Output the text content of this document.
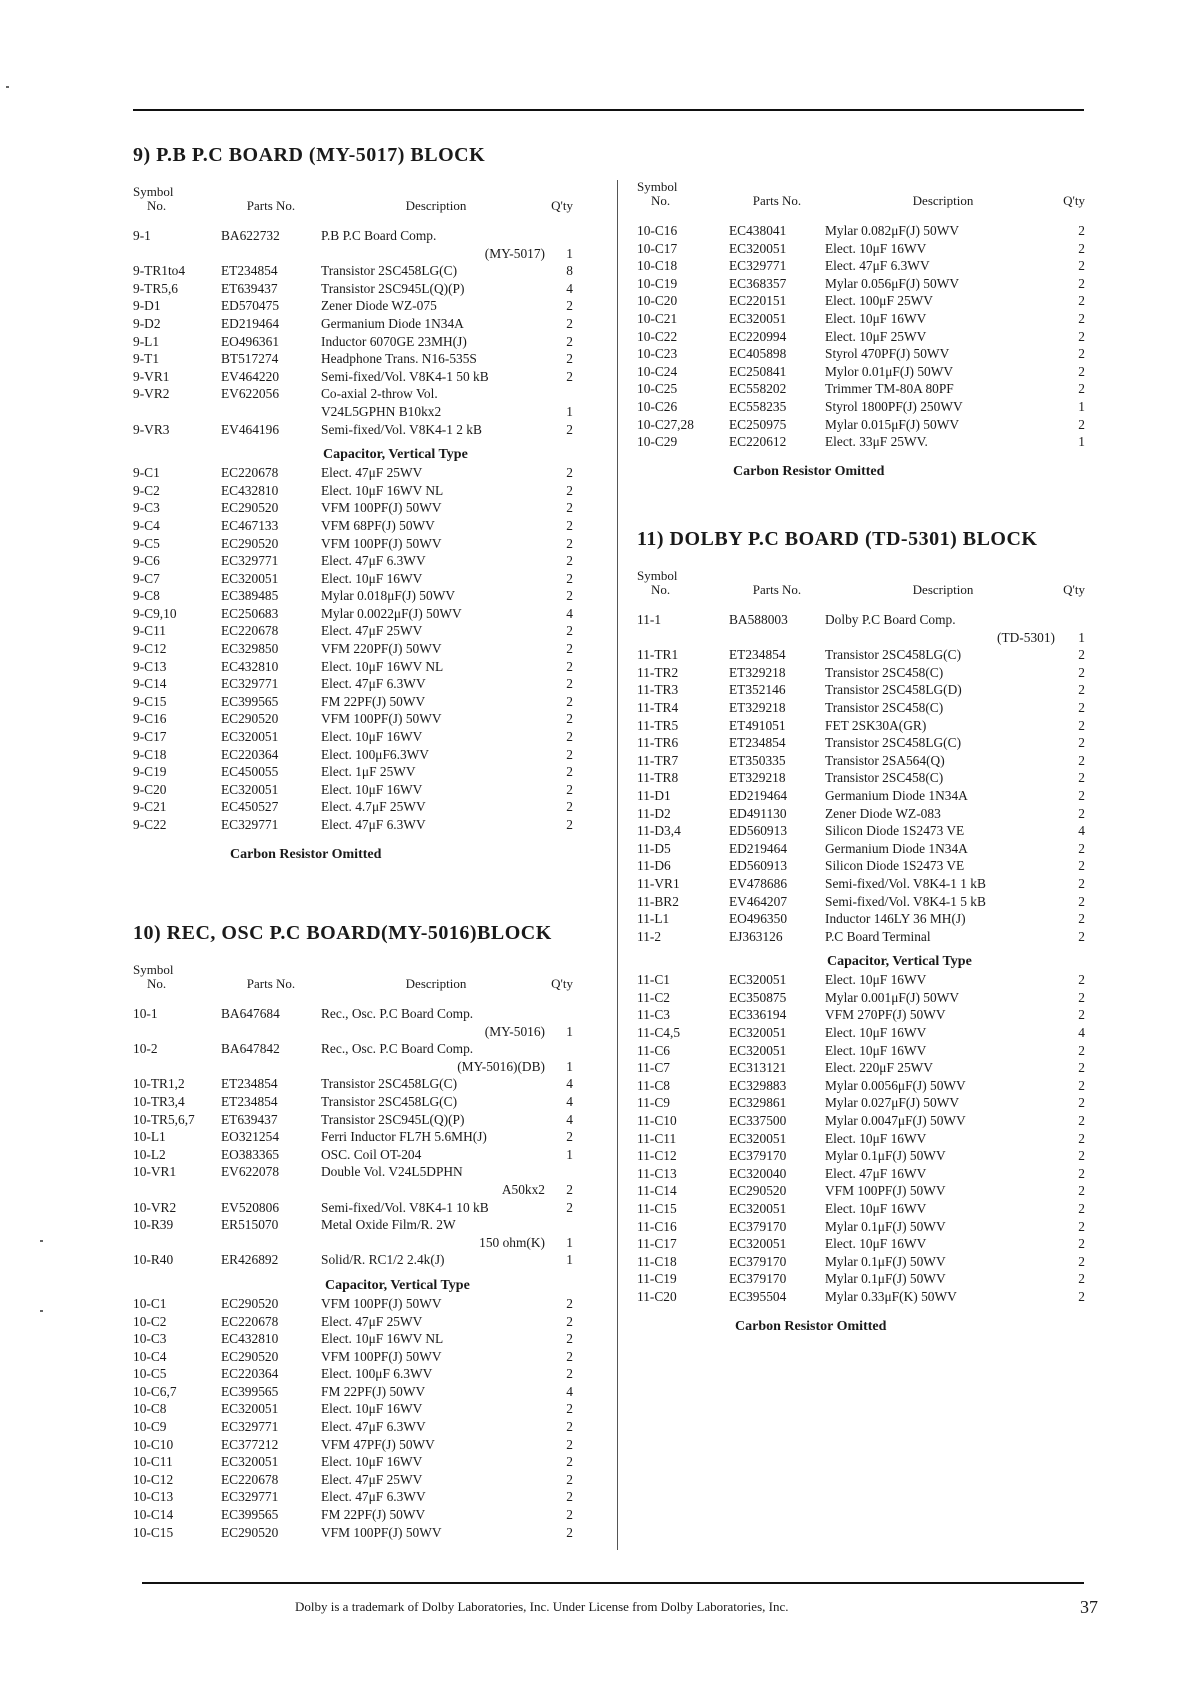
9) P.B P.C BOARD (MY-5017) BLOCK
Symbol
No.	Parts No.	Description	Q'ty
9-1	BA622732	P.B P.C Board Comp.
(MY-5017)	1
9-TR1to4	ET234854	Transistor 2SC458LG(C)	8
9-TR5,6	ET639437	Transistor 2SC945L(Q)(P)	4
9-D1	ED570475	Zener Diode WZ-075	2
9-D2	ED219464	Germanium Diode 1N34A	2
9-L1	EO496361	Inductor 6070GE 23MH(J)	2
9-T1	BT517274	Headphone Trans. N16-535S	2
9-VR1	EV464220	Semi-fixed/Vol. V8K4-1 50 kB	2
9-VR2	EV622056	Co-axial 2-throw Vol.
V24L5GPHN B10kx2	1
9-VR3	EV464196	Semi-fixed/Vol. V8K4-1 2 kB	2
Capacitor, Vertical Type
9-C1	EC220678	Elect. 47μF 25WV	2
9-C2	EC432810	Elect. 10μF 16WV NL	2
9-C3	EC290520	VFM 100PF(J) 50WV	2
9-C4	EC467133	VFM 68PF(J) 50WV	2
9-C5	EC290520	VFM 100PF(J) 50WV	2
9-C6	EC329771	Elect. 47μF 6.3WV	2
9-C7	EC320051	Elect. 10μF 16WV	2
9-C8	EC389485	Mylar 0.018μF(J) 50WV	2
9-C9,10	EC250683	Mylar 0.0022μF(J) 50WV	4
9-C11	EC220678	Elect. 47μF 25WV	2
9-C12	EC329850	VFM 220PF(J) 50WV	2
9-C13	EC432810	Elect. 10μF 16WV NL	2
9-C14	EC329771	Elect. 47μF 6.3WV	2
9-C15	EC399565	FM 22PF(J) 50WV	2
9-C16	EC290520	VFM 100PF(J) 50WV	2
9-C17	EC320051	Elect. 10μF 16WV	2
9-C18	EC220364	Elect. 100μF6.3WV	2
9-C19	EC450055	Elect. 1μF 25WV	2
9-C20	EC320051	Elect. 10μF 16WV	2
9-C21	EC450527	Elect. 4.7μF 25WV	2
9-C22	EC329771	Elect. 47μF 6.3WV	2
Carbon Resistor Omitted
10) REC, OSC P.C BOARD(MY-5016)BLOCK
Symbol
No.	Parts No.	Description	Q'ty
10-1	BA647684	Rec., Osc. P.C Board Comp.
(MY-5016)	1
10-2	BA647842	Rec., Osc. P.C Board Comp.
(MY-5016)(DB)	1
10-TR1,2	ET234854	Transistor 2SC458LG(C)	4
10-TR3,4	ET234854	Transistor 2SC458LG(C)	4
10-TR5,6,7	ET639437	Transistor 2SC945L(Q)(P)	4
10-L1	EO321254	Ferri Inductor FL7H 5.6MH(J)	2
10-L2	EO383365	OSC. Coil OT-204	1
10-VR1	EV622078	Double Vol. V24L5DPHN
A50kx2	2
10-VR2	EV520806	Semi-fixed/Vol. V8K4-1 10 kB	2
10-R39	ER515070	Metal Oxide Film/R. 2W
150 ohm(K)	1
10-R40	ER426892	Solid/R. RC1/2 2.4k(J)	1
Capacitor, Vertical Type
10-C1	EC290520	VFM 100PF(J) 50WV	2
10-C2	EC220678	Elect. 47μF 25WV	2
10-C3	EC432810	Elect. 10μF 16WV NL	2
10-C4	EC290520	VFM 100PF(J) 50WV	2
10-C5	EC220364	Elect. 100μF 6.3WV	2
10-C6,7	EC399565	FM 22PF(J) 50WV	4
10-C8	EC320051	Elect. 10μF 16WV	2
10-C9	EC329771	Elect. 47μF 6.3WV	2
10-C10	EC377212	VFM 47PF(J) 50WV	2
10-C11	EC320051	Elect. 10μF 16WV	2
10-C12	EC220678	Elect. 47μF 25WV	2
10-C13	EC329771	Elect. 47μF 6.3WV	2
10-C14	EC399565	FM 22PF(J) 50WV	2
10-C15	EC290520	VFM 100PF(J) 50WV	2
Symbol
No.	Parts No.	Description	Q'ty
10-C16	EC438041	Mylar 0.082μF(J) 50WV	2
10-C17	EC320051	Elect. 10μF 16WV	2
10-C18	EC329771	Elect. 47μF 6.3WV	2
10-C19	EC368357	Mylar 0.056μF(J) 50WV	2
10-C20	EC220151	Elect. 100μF 25WV	2
10-C21	EC320051	Elect. 10μF 16WV	2
10-C22	EC220994	Elect. 10μF 25WV	2
10-C23	EC405898	Styrol 470PF(J) 50WV	2
10-C24	EC250841	Mylor 0.01μF(J) 50WV	2
10-C25	EC558202	Trimmer TM-80A 80PF	2
10-C26	EC558235	Styrol 1800PF(J) 250WV	1
10-C27,28	EC250975	Mylar 0.015μF(J) 50WV	2
10-C29	EC220612	Elect. 33μF 25WV.	1
Carbon Resistor Omitted
11) DOLBY P.C BOARD (TD-5301) BLOCK
Symbol
No.	Parts No.	Description	Q'ty
11-1	BA588003	Dolby P.C Board Comp.
(TD-5301)	1
11-TR1	ET234854	Transistor 2SC458LG(C)	2
11-TR2	ET329218	Transistor 2SC458(C)	2
11-TR3	ET352146	Transistor 2SC458LG(D)	2
11-TR4	ET329218	Transistor 2SC458(C)	2
11-TR5	ET491051	FET 2SK30A(GR)	2
11-TR6	ET234854	Transistor 2SC458LG(C)	2
11-TR7	ET350335	Transistor 2SA564(Q)	2
11-TR8	ET329218	Transistor 2SC458(C)	2
11-D1	ED219464	Germanium Diode 1N34A	2
11-D2	ED491130	Zener Diode WZ-083	2
11-D3,4	ED560913	Silicon Diode 1S2473 VE	4
11-D5	ED219464	Germanium Diode 1N34A	2
11-D6	ED560913	Silicon Diode 1S2473 VE	2
11-VR1	EV478686	Semi-fixed/Vol. V8K4-1 1 kB	2
11-BR2	EV464207	Semi-fixed/Vol. V8K4-1 5 kB	2
11-L1	EO496350	Inductor 146LY 36 MH(J)	2
11-2	EJ363126	P.C Board Terminal	2
Capacitor, Vertical Type
11-C1	EC320051	Elect. 10μF 16WV	2
11-C2	EC350875	Mylar 0.001μF(J) 50WV	2
11-C3	EC336194	VFM 270PF(J) 50WV	2
11-C4,5	EC320051	Elect. 10μF 16WV	4
11-C6	EC320051	Elect. 10μF 16WV	2
11-C7	EC313121	Elect. 220μF 25WV	2
11-C8	EC329883	Mylar 0.0056μF(J) 50WV	2
11-C9	EC329861	Mylar 0.027μF(J) 50WV	2
11-C10	EC337500	Mylar 0.0047μF(J) 50WV	2
11-C11	EC320051	Elect. 10μF 16WV	2
11-C12	EC379170	Mylar 0.1μF(J) 50WV	2
11-C13	EC320040	Elect. 47μF 16WV	2
11-C14	EC290520	VFM 100PF(J) 50WV	2
11-C15	EC320051	Elect. 10μF 16WV	2
11-C16	EC379170	Mylar 0.1μF(J) 50WV	2
11-C17	EC320051	Elect. 10μF 16WV	2
11-C18	EC379170	Mylar 0.1μF(J) 50WV	2
11-C19	EC379170	Mylar 0.1μF(J) 50WV	2
11-C20	EC395504	Mylar 0.33μF(K) 50WV	2
Carbon Resistor Omitted
Dolby is a trademark of Dolby Laboratories, Inc. Under License from Dolby Laboratories, Inc.	37
